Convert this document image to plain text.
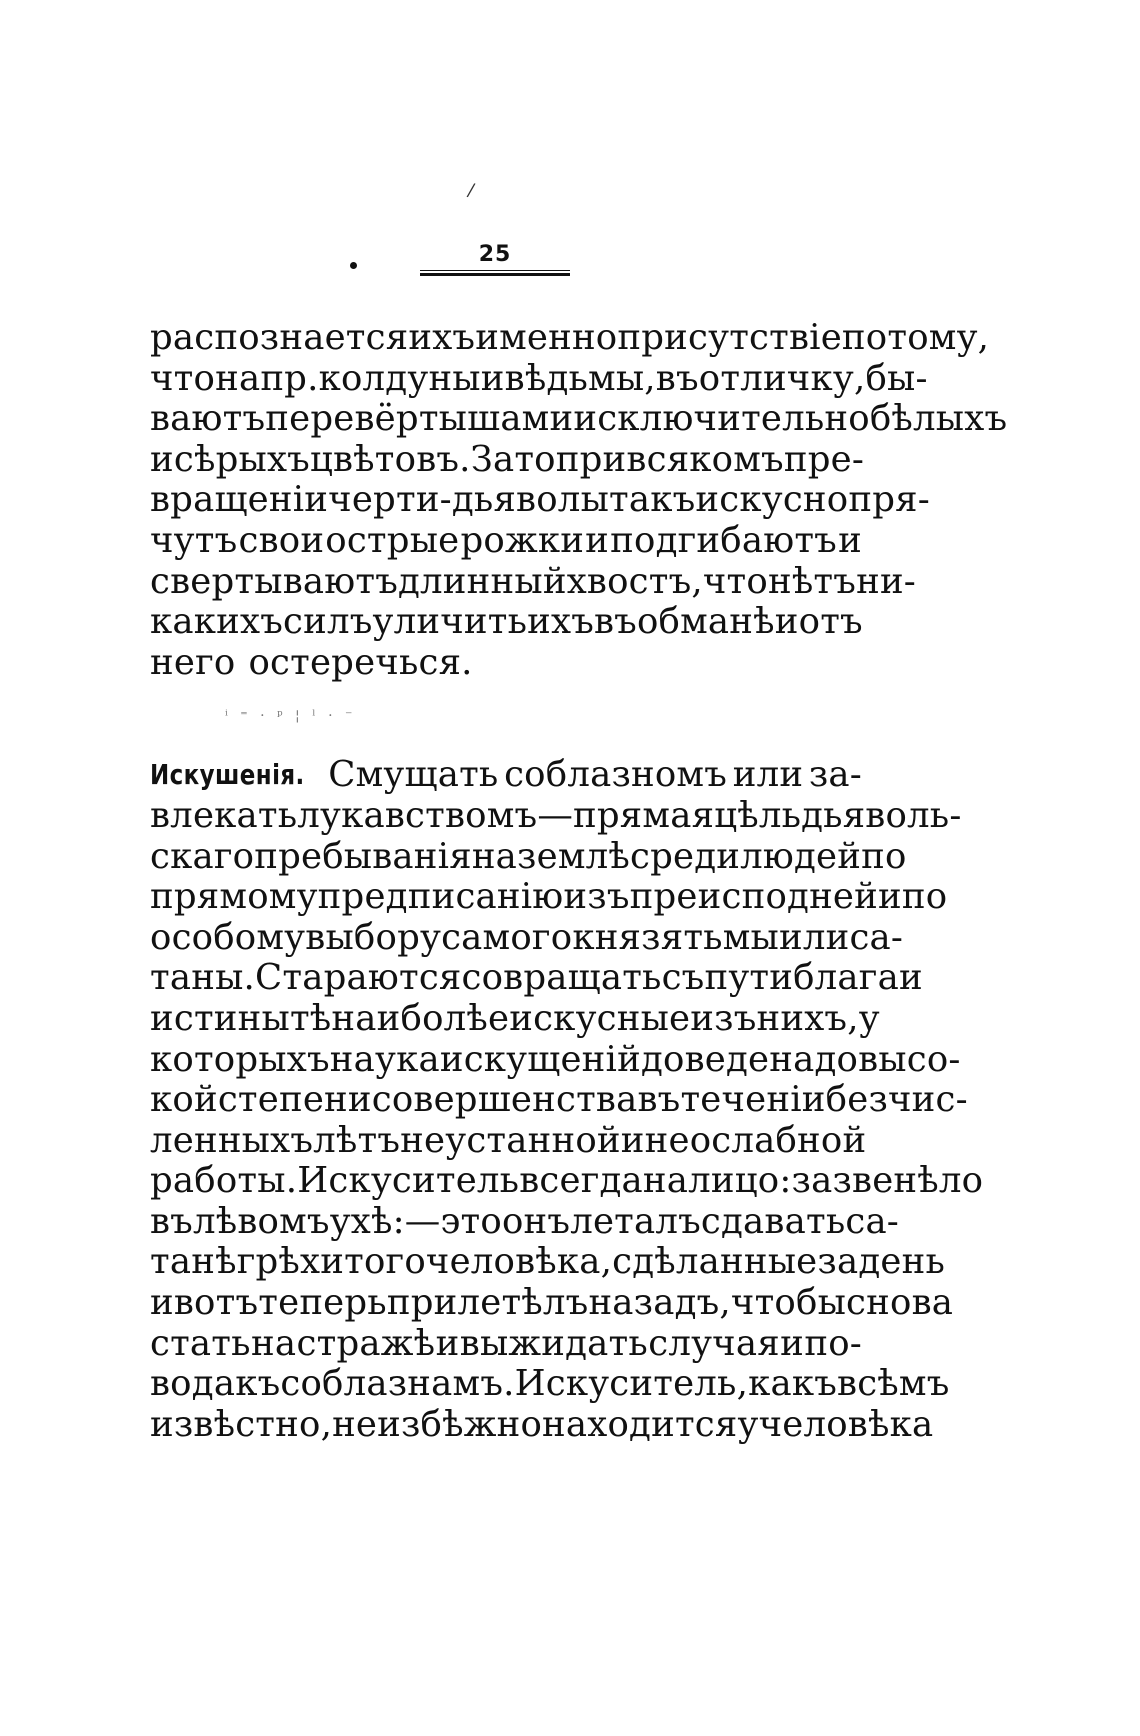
/
25
ⁱ ⁼ · ᵖ ¦ ˡ · ⁻
распознается ихъ именно присутствіе потому,
что напр. колдуны и вѣдьмы, въ отличку, бы-
ваютъ перевёртышами исключительно бѣлыхъ
и сѣрыхъ цвѣтовъ. За то при всякомъ пре-
вращеніи черти-дьяволы такъ искусно пря-
чутъ свои острые рожки и подгибаютъ и
свертываютъ длинный хвостъ, что нѣтъ ни-
какихъ силъ уличить ихъ въ обманѣ и отъ
него остеречься.
Искушенія. Смущать соблазномъ или за-
влекать лукавствомъ—прямая цѣль дьяволь-
скаго пребыванія на землѣ среди людей по
прямому предписанію изъ преисподней и по
особому выбору самого князя тьмы или са-
таны. Стараются совращать съ пути блага и
истины тѣ наиболѣе искусные изъ нихъ, у
которыхъ наука искущеній доведена до высо-
кой степени совершенства въ теченіи безчис-
ленныхъ лѣтъ неустанной и неослабной
работы. Искуситель всегда налицо: зазвенѣло
въ лѣвомъ ухѣ:—это онъ леталъ сдавать са-
танѣ грѣхи того человѣка, сдѣланные за день
и вотъ теперь прилетѣлъ назадъ, чтобы снова
стать на стражѣ и выжидать случая и по-
вода къ соблазнамъ. Искуситель, какъ всѣмъ
извѣстно, неизбѣжно находится у человѣка
